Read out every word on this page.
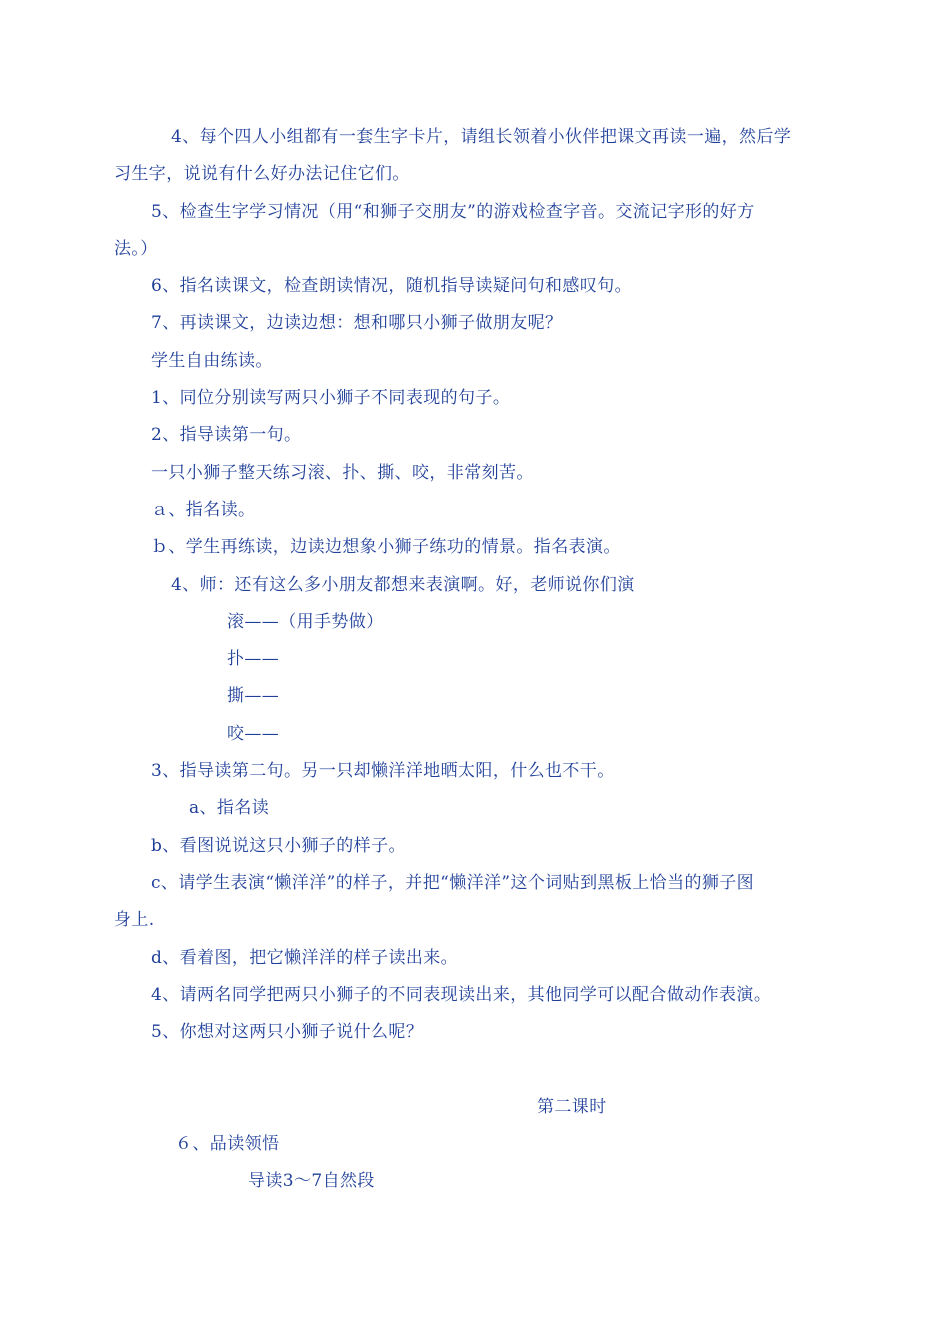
4、每个四人小组都有一套生字卡片，请组长领着小伙伴把课文再读一遍，然后学
习生字，说说有什么好办法记住它们。
5、检查生字学习情况（用“和狮子交朋友”的游戏检查字音。交流记字形的好方
法。）
6、指名读课文，检查朗读情况，随机指导读疑问句和感叹句。
7、再读课文，边读边想：想和哪只小狮子做朋友呢？
学生自由练读。
1、同位分别读写两只小狮子不同表现的句子。
2、指导读第一句。
一只小狮子整天练习滚、扑、撕、咬，非常刻苦。
ａ、指名读。
ｂ、学生再练读，边读边想象小狮子练功的情景。指名表演。
4、师：还有这么多小朋友都想来表演啊。好，老师说你们演
滚——（用手势做）
扑——
撕——
咬——
3、指导读第二句。另一只却懒洋洋地晒太阳，什么也不干。
a、指名读
b、看图说说这只小狮子的样子。
c、请学生表演“懒洋洋”的样子，并把“懒洋洋”这个词贴到黑板上恰当的狮子图
身上.
d、看着图，把它懒洋洋的样子读出来。
4、请两名同学把两只小狮子的不同表现读出来，其他同学可以配合做动作表演。
5、你想对这两只小狮子说什么呢？
第二课时
６、品读领悟
导读3～7自然段
